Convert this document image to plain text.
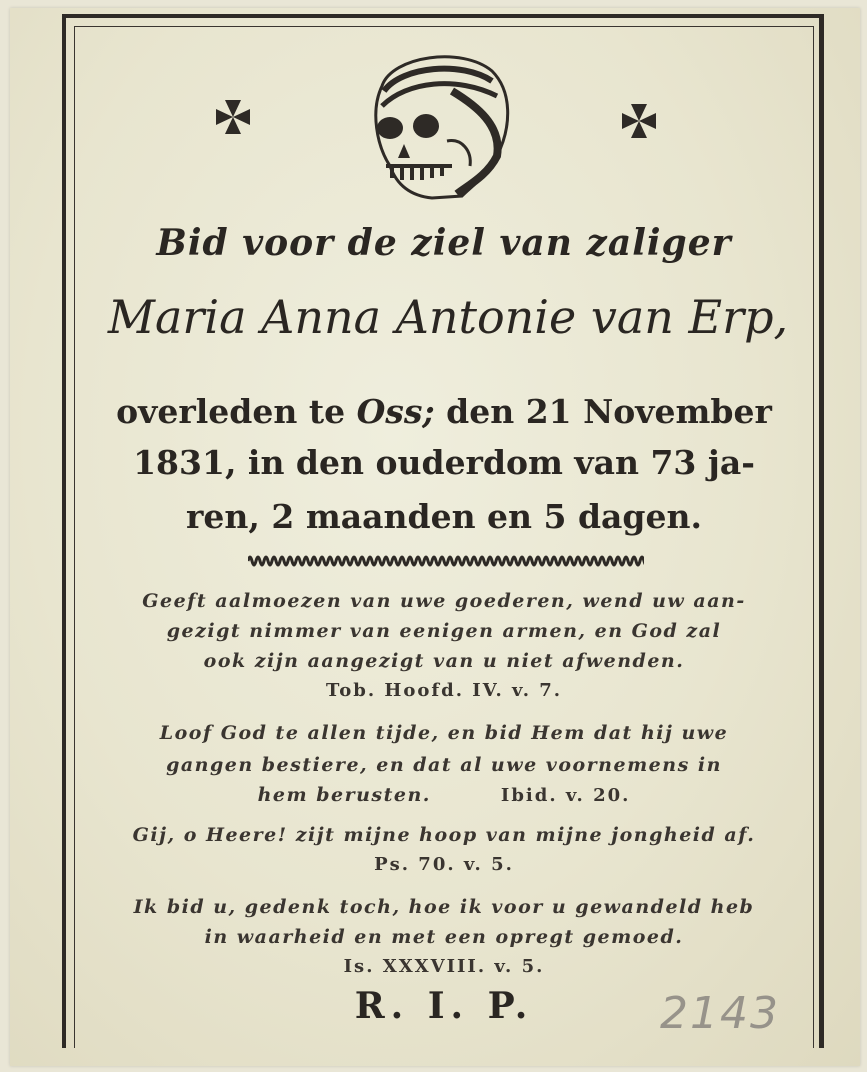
Bid voor de ziel van zaliger
Maria Anna Antonie van Erp,
overleden te Oss; den 21 November
1831, in den ouderdom van 73 ja-
ren, 2 maanden en 5 dagen.
Geeft aalmoezen van uwe goederen, wend uw aan-
gezigt nimmer van eenigen armen, en God zal
ook zijn aangezigt van u niet afwenden.
Tob. Hoofd. IV. v. 7.
Loof God te allen tijde, en bid Hem dat hij uwe
gangen bestiere, en dat al uwe voornemens in
hem berusten.	Ibid. v. 20.
Gij, o Heere! zijt mijne hoop van mijne jongheid af.
Ps. 70. v. 5.
Ik bid u, gedenk toch, hoe ik voor u gewandeld heb
in waarheid en met een opregt gemoed.
Is. XXXVIII. v. 5.
R. I. P.	2143
